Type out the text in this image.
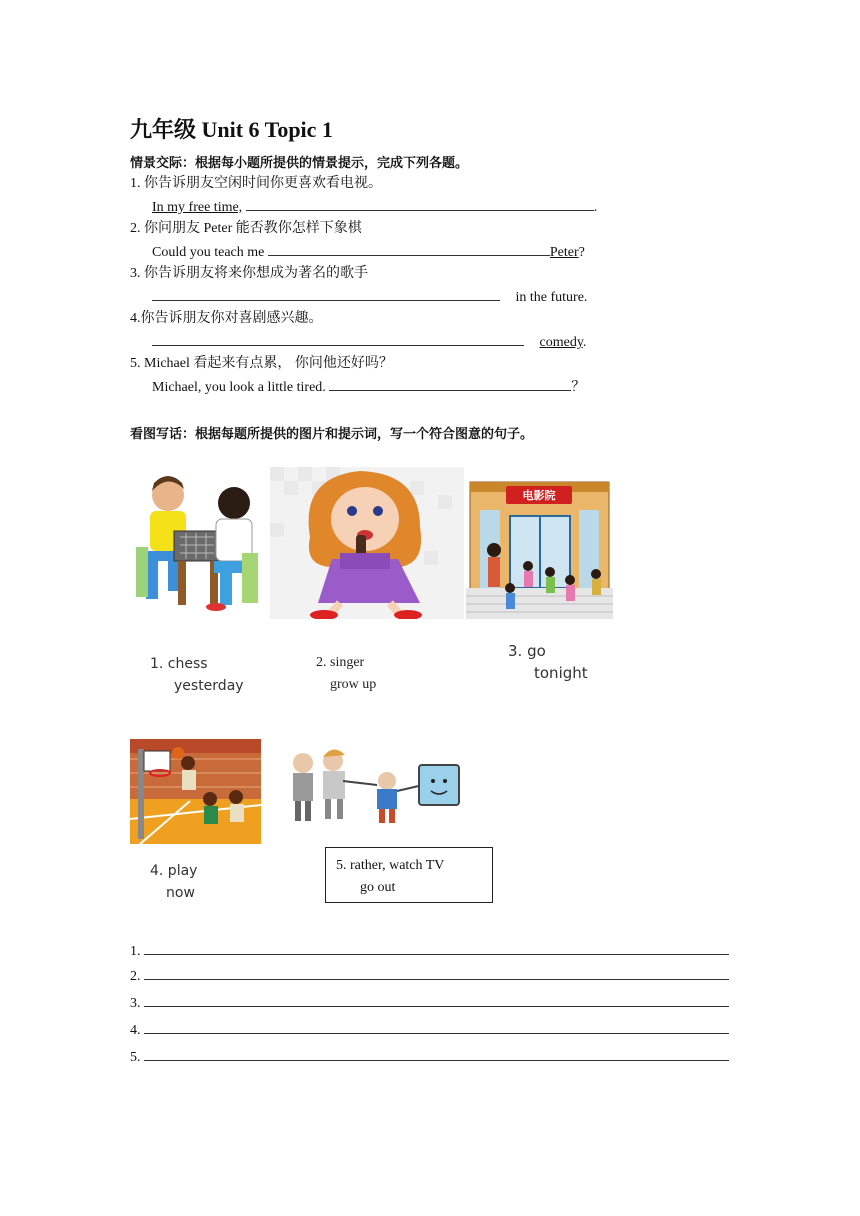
九年级 Unit 6 Topic 1
情景交际：根据每小题所提供的情景提示，完成下列各题。
1. 你告诉朋友空闲时间你更喜欢看电视。
In my free time,	.
2. 你问朋友 Peter 能否教你怎样下象棋
Could you teach me	Peter?
3. 你告诉朋友将来你想成为著名的歌手
in the future.
4.你告诉朋友你对喜剧感兴趣。
comedy.
5. Michael 看起来有点累， 你问他还好吗？
Michael, you look a little tired.	？
看图写话：根据每题所提供的图片和提示词，写一个符合图意的句子。
电影院
1. chess
yesterday
2. singer
grow up
3. go
tonight
4. play
now
5. rather, watch TV
go out
1.
2.
3.
4.
5.
